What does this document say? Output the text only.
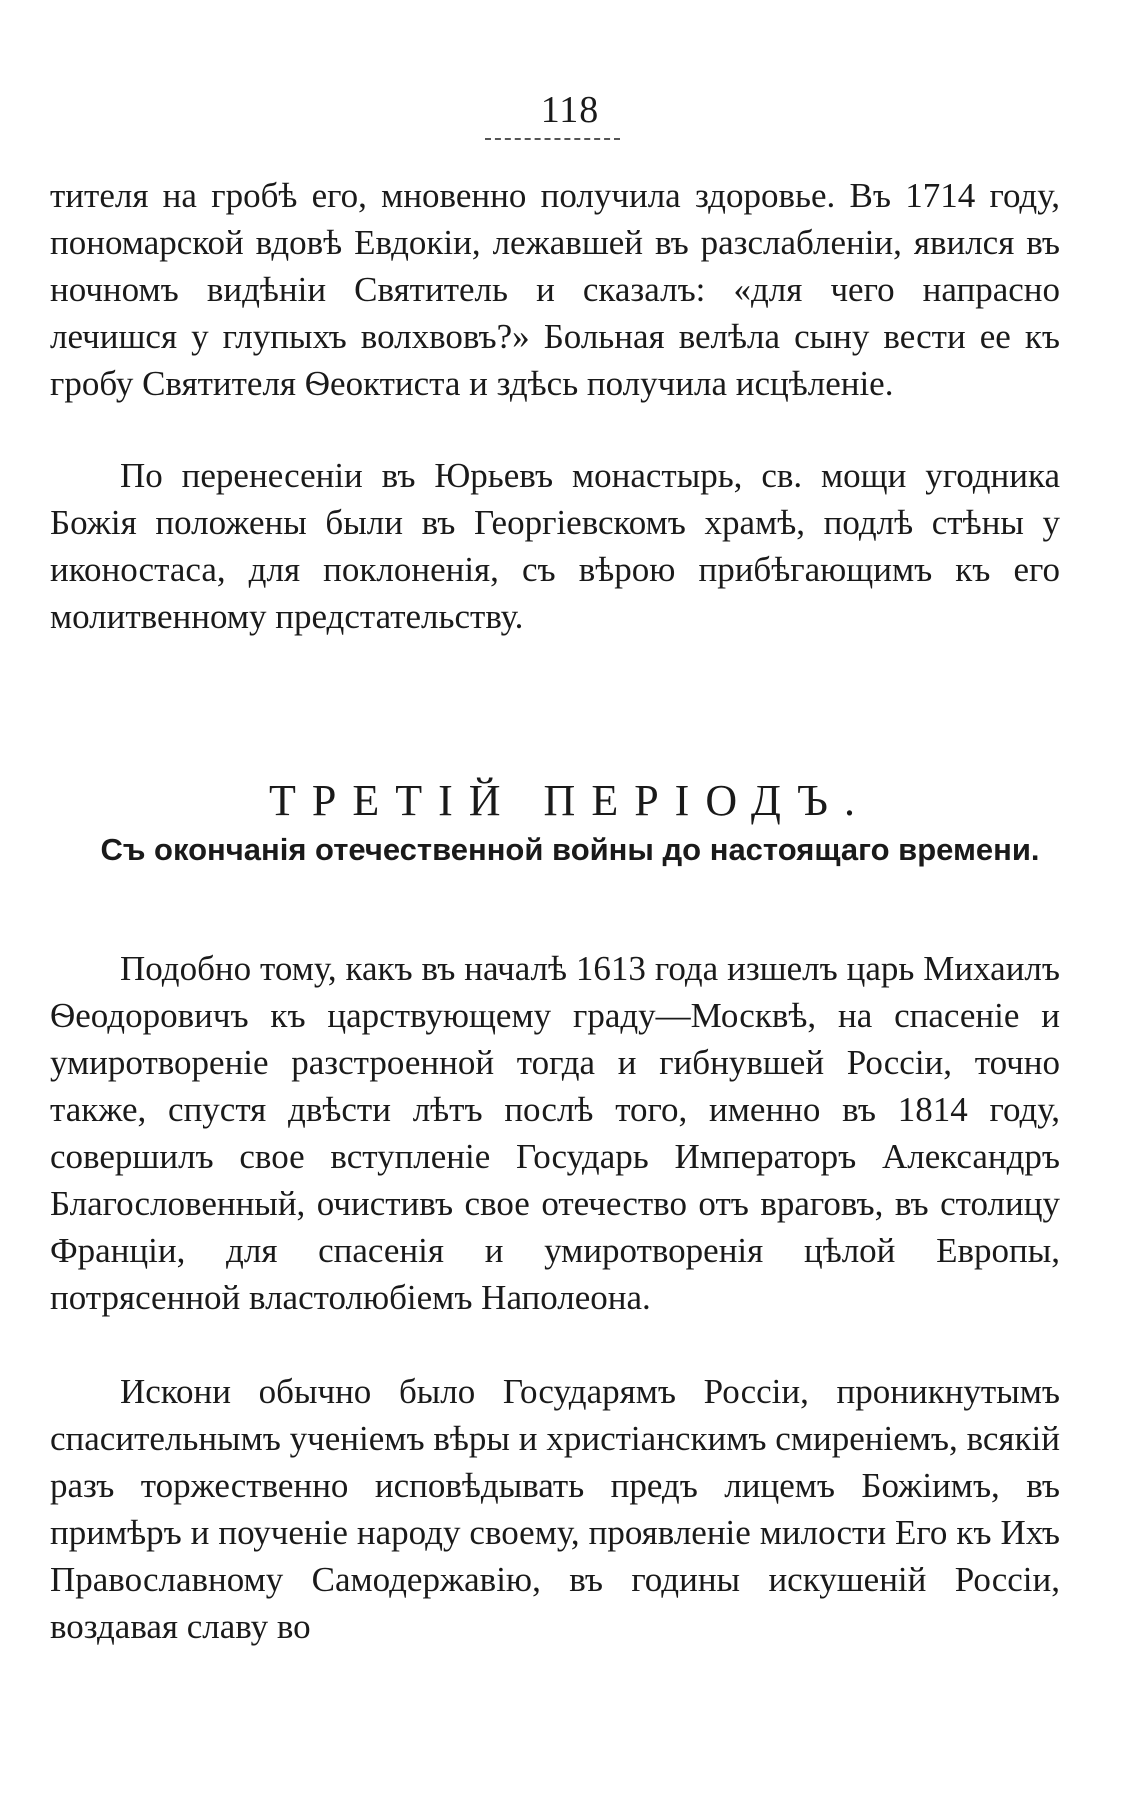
118

тителя на гробѣ его, мновенно получила здоровье. Въ 1714 году, пономарской вдовѣ Евдокіи, лежавшей въ разслабленіи, явился въ ночномъ видѣніи Святитель и сказалъ: «для чего напрасно лечишся у глупыхъ волхвовъ?» Больная велѣла сыну вести ее къ гробу Святителя Ѳеоктиста и здѣсь получила исцѣленіе.

По перенесеніи въ Юрьевъ монастырь, св. мощи угодника Божія положены были въ Георгіевскомъ храмѣ, подлѣ стѣны у иконостаса, для поклоненія, съ вѣрою прибѣгающимъ къ его молитвенному предстательству.

ТРЕТІЙ ПЕРІОДЪ.
Съ окончанія отечественной войны до настоящаго времени.

Подобно тому, какъ въ началѣ 1613 года изшелъ царь Михаилъ Ѳеодоровичъ къ царствующему граду—Москвѣ, на спасеніе и умиротвореніе разстроенной тогда и гибнувшей Россіи, точно также, спустя двѣсти лѣтъ послѣ того, именно въ 1814 году, совершилъ свое вступленіе Государь Императоръ Александръ Благословенный, очистивъ свое отечество отъ враговъ, въ столицу Франціи, для спасенія и умиротворенія цѣлой Европы, потрясенной властолюбіемъ Наполеона.

Искони обычно было Государямъ Россіи, проникнутымъ спасительнымъ ученіемъ вѣры и христіанскимъ смиреніемъ, всякій разъ торжественно исповѣдывать предъ лицемъ Божіимъ, въ примѣръ и поученіе народу своему, проявленіе милости Его къ Ихъ Православному Самодержавію, въ годины искушеній Россіи, воздавая славу во
